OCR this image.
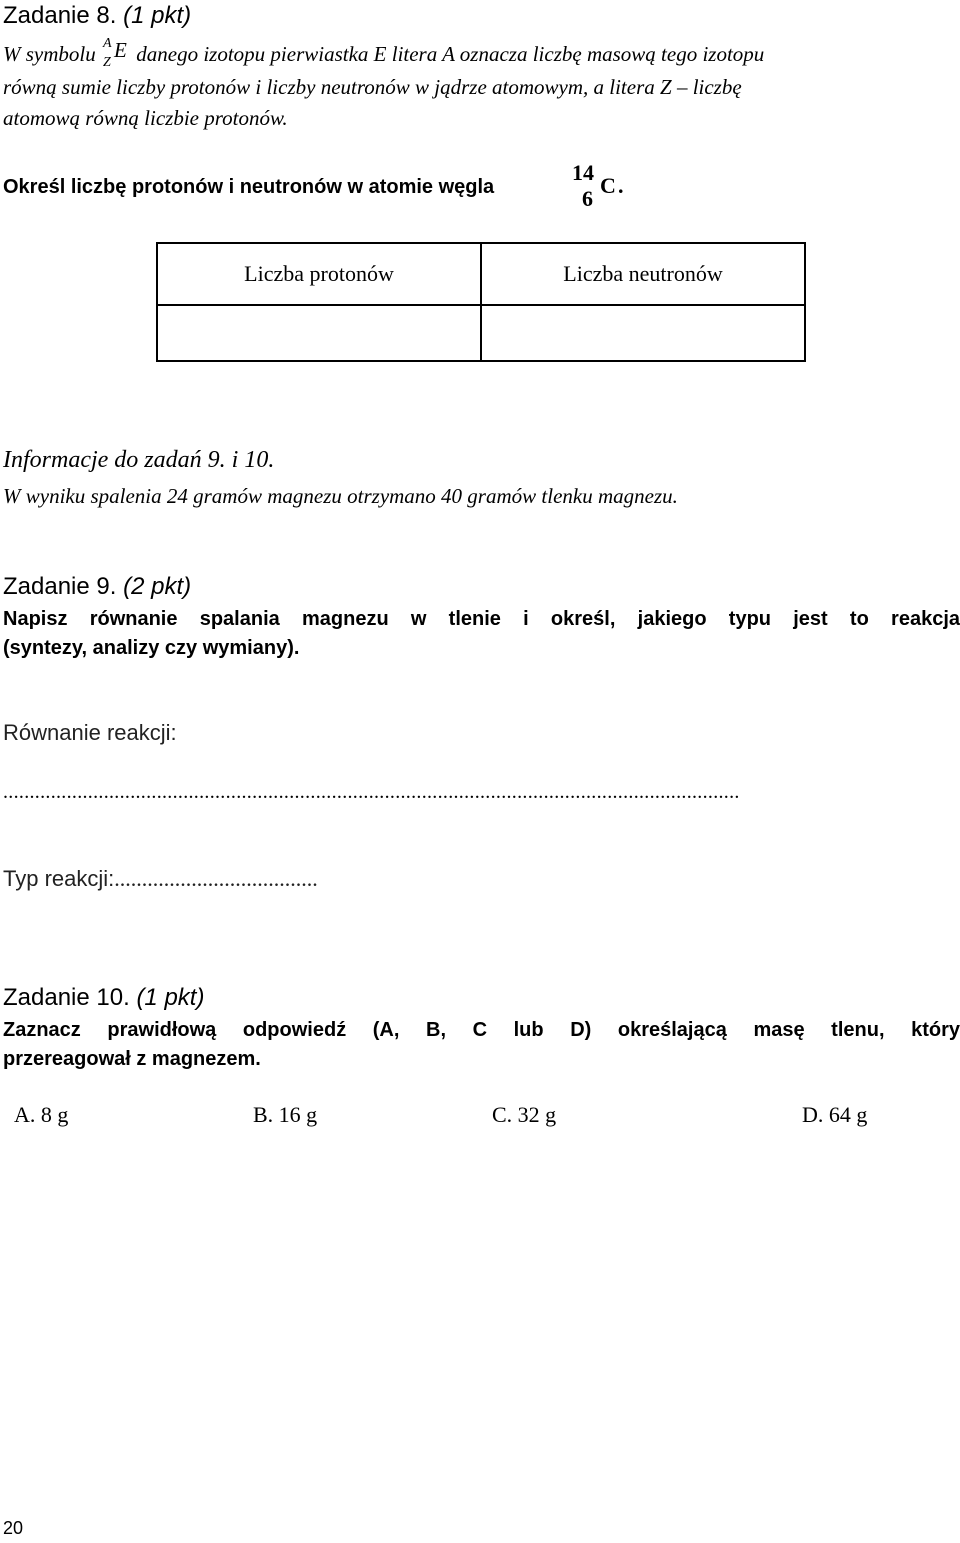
Zadanie 8. (1 pkt)
W symbolu A
Z
E danego izotopu pierwiastka E litera A oznacza liczbę masową tego izotopu
równą sumie liczby protonów i liczby neutronów w jądrze atomowym, a litera Z – liczbę
atomową równą liczbie protonów.
Określ liczbę protonów i neutronów w atomie węgla
14
6
C .
Liczba protonów	Liczba neutronów

Informacje do zadań 9. i 10.
W wyniku spalenia 24 gramów magnezu otrzymano 40 gramów tlenku magnezu.
Zadanie 9. (2 pkt)
Napisz równanie spalania magnezu w tlenie i określ, jakiego typu jest to reakcja
(syntezy, analizy czy wymiany).
Równanie reakcji:
...........................................................................................................................................
Typ reakcji:.....................................
Zadanie 10. (1 pkt)
Zaznacz prawidłową odpowiedź (A, B, C lub D) określającą masę tlenu, który
przereagował z magnezem.
A. 8 g	B. 16 g	C. 32 g	D. 64 g
20
